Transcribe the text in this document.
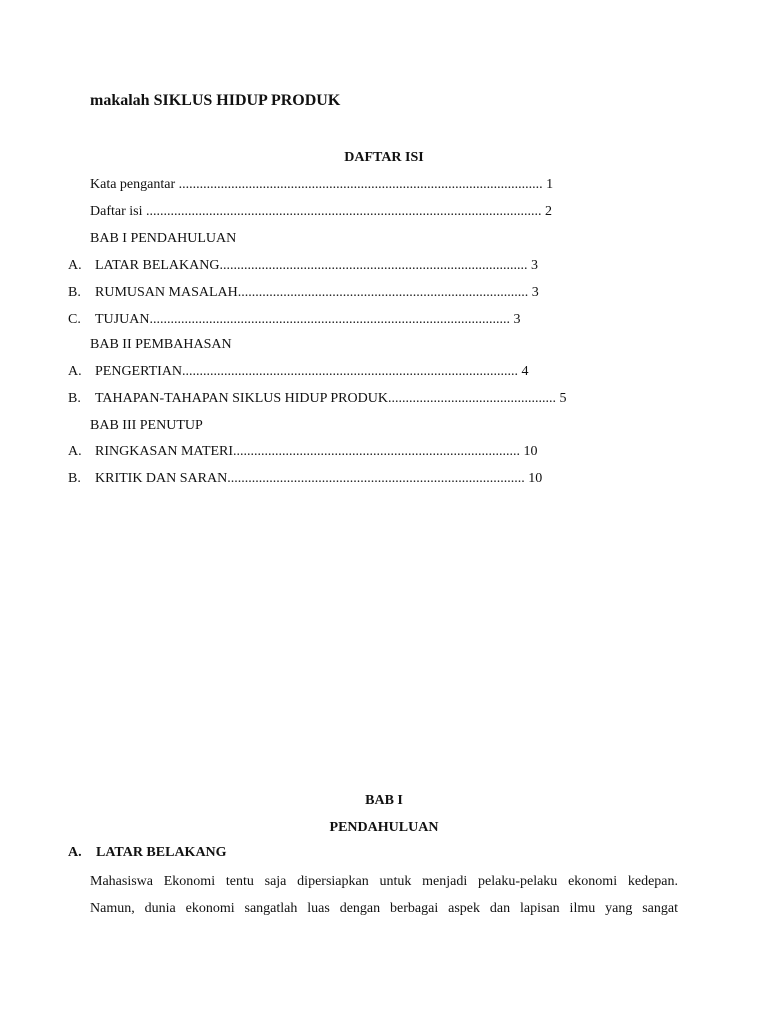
makalah SIKLUS HIDUP PRODUK
DAFTAR ISI
Kata pengantar ........................................................................................................ 1
Daftar isi ................................................................................................................. 2
BAB I PENDAHULUAN
A. LATAR BELAKANG........................................................................................ 3
B. RUMUSAN MASALAH................................................................................... 3
C. TUJUAN....................................................................................................... 3
BAB II PEMBAHASAN
A. PENGERTIAN................................................................................................ 4
B. TAHAPAN-TAHAPAN SIKLUS HIDUP PRODUK................................................ 5
BAB III PENUTUP
A. RINGKASAN MATERI.................................................................................. 10
B. KRITIK DAN SARAN..................................................................................... 10
BAB I
PENDAHULUAN
A. LATAR BELAKANG
Mahasiswa Ekonomi tentu saja dipersiapkan untuk menjadi pelaku-pelaku ekonomi kedepan.
Namun, dunia ekonomi sangatlah luas dengan berbagai aspek dan lapisan ilmu yang sangat
